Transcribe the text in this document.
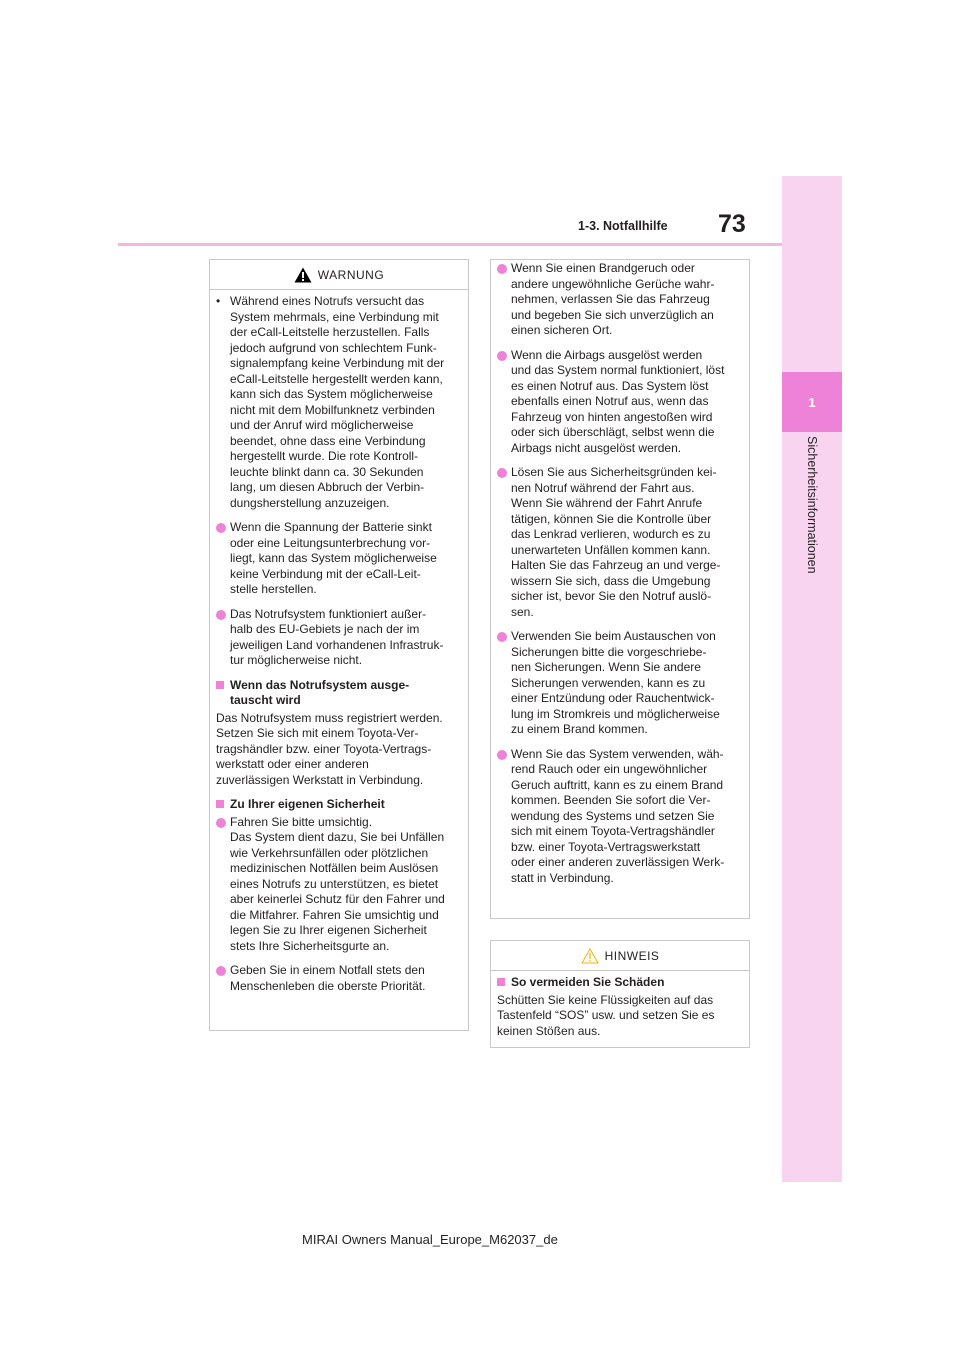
73
1-3. Notfallhilfe
1
Sicherheitsinformationen
WARNUNG
• Während eines Notrufs versucht das
System mehrmals, eine Verbindung mit
der eCall-Leitstelle herzustellen. Falls
jedoch aufgrund von schlechtem Funk-
signalempfang keine Verbindung mit der
eCall-Leitstelle hergestellt werden kann,
kann sich das System möglicherweise
nicht mit dem Mobilfunknetz verbinden
und der Anruf wird möglicherweise
beendet, ohne dass eine Verbindung
hergestellt wurde. Die rote Kontroll-
leuchte blinkt dann ca. 30 Sekunden
lang, um diesen Abbruch der Verbin-
dungsherstellung anzuzeigen.
Wenn die Spannung der Batterie sinkt
oder eine Leitungsunterbrechung vor-
liegt, kann das System möglicherweise
keine Verbindung mit der eCall-Leit-
stelle herstellen.
Das Notrufsystem funktioniert außer-
halb des EU-Gebiets je nach der im
jeweiligen Land vorhandenen Infrastruk-
tur möglicherweise nicht.
Wenn das Notrufsystem ausge-
tauscht wird
Das Notrufsystem muss registriert werden.
Setzen Sie sich mit einem Toyota-Ver-
tragshändler bzw. einer Toyota-Vertrags-
werkstatt oder einer anderen
zuverlässigen Werkstatt in Verbindung.
Zu Ihrer eigenen Sicherheit
Fahren Sie bitte umsichtig.
Das System dient dazu, Sie bei Unfällen
wie Verkehrsunfällen oder plötzlichen
medizinischen Notfällen beim Auslösen
eines Notrufs zu unterstützen, es bietet
aber keinerlei Schutz für den Fahrer und
die Mitfahrer. Fahren Sie umsichtig und
legen Sie zu Ihrer eigenen Sicherheit
stets Ihre Sicherheitsgurte an.
Geben Sie in einem Notfall stets den
Menschenleben die oberste Priorität.
Wenn Sie einen Brandgeruch oder
andere ungewöhnliche Gerüche wahr-
nehmen, verlassen Sie das Fahrzeug
und begeben Sie sich unverzüglich an
einen sicheren Ort.
Wenn die Airbags ausgelöst werden
und das System normal funktioniert, löst
es einen Notruf aus. Das System löst
ebenfalls einen Notruf aus, wenn das
Fahrzeug von hinten angestoßen wird
oder sich überschlägt, selbst wenn die
Airbags nicht ausgelöst werden.
Lösen Sie aus Sicherheitsgründen kei-
nen Notruf während der Fahrt aus.
Wenn Sie während der Fahrt Anrufe
tätigen, können Sie die Kontrolle über
das Lenkrad verlieren, wodurch es zu
unerwarteten Unfällen kommen kann.
Halten Sie das Fahrzeug an und verge-
wissern Sie sich, dass die Umgebung
sicher ist, bevor Sie den Notruf auslö-
sen.
Verwenden Sie beim Austauschen von
Sicherungen bitte die vorgeschriebe-
nen Sicherungen. Wenn Sie andere
Sicherungen verwenden, kann es zu
einer Entzündung oder Rauchentwick-
lung im Stromkreis und möglicherweise
zu einem Brand kommen.
Wenn Sie das System verwenden, wäh-
rend Rauch oder ein ungewöhnlicher
Geruch auftritt, kann es zu einem Brand
kommen. Beenden Sie sofort die Ver-
wendung des Systems und setzen Sie
sich mit einem Toyota-Vertragshändler
bzw. einer Toyota-Vertragswerkstatt
oder einer anderen zuverlässigen Werk-
statt in Verbindung.
HINWEIS
So vermeiden Sie Schäden
Schütten Sie keine Flüssigkeiten auf das
Tastenfeld “SOS” usw. und setzen Sie es
keinen Stößen aus.
MIRAI Owners Manual_Europe_M62037_de
